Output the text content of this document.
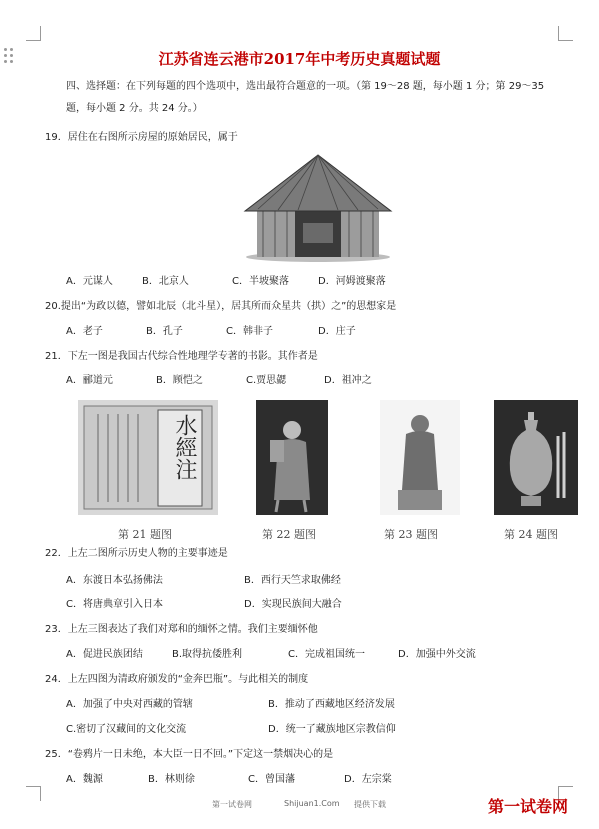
江苏省连云港市2017年中考历史真题试题
四、选择题：在下列每题的四个选项中，选出最符合题意的一项。（第 19～28 题，每小题 1 分；第 29～35
题，每小题 2 分。共 24 分。）
19．居住在右图所示房屋的原始居民，属于
A．元谋人	B．北京人	C．半坡聚落	D．河姆渡聚落
20.提出“为政以德，譬如北辰（北斗星），居其所而众星共（拱）之”的思想家是
A．老子	B．孔子	C．韩非子	D．庄子
21．下左一图是我国古代综合性地理学专著的书影。其作者是
A．郦道元	B．顾恺之	C.贾思勰	D．祖冲之
水經注
第 21 题图	第 22 题图	第 23 题图	第 24 题图
22．上左二图所示历史人物的主要事迹是
A．东渡日本弘扬佛法	B．西行天竺求取佛经
C．将唐典章引入日本	D．实现民族间大融合
23．上左三图表达了我们对郑和的缅怀之情。我们主要缅怀他
A．促进民族团结	B.取得抗倭胜利	C．完成祖国统一	D．加强中外交流
24．上左四图为清政府颁发的“金奔巴瓶”。与此相关的制度
A．加强了中央对西藏的管辖	B．推动了西藏地区经济发展
C.密切了汉藏间的文化交流	D．统一了藏族地区宗教信仰
25．“卷鸦片一日未绝，本大臣一日不回。”下定这一禁烟决心的是
A．魏源	B．林则徐	C．曾国藩	D．左宗棠
第一试卷网	Shijuan1.Com 提供下载	第一试卷网
